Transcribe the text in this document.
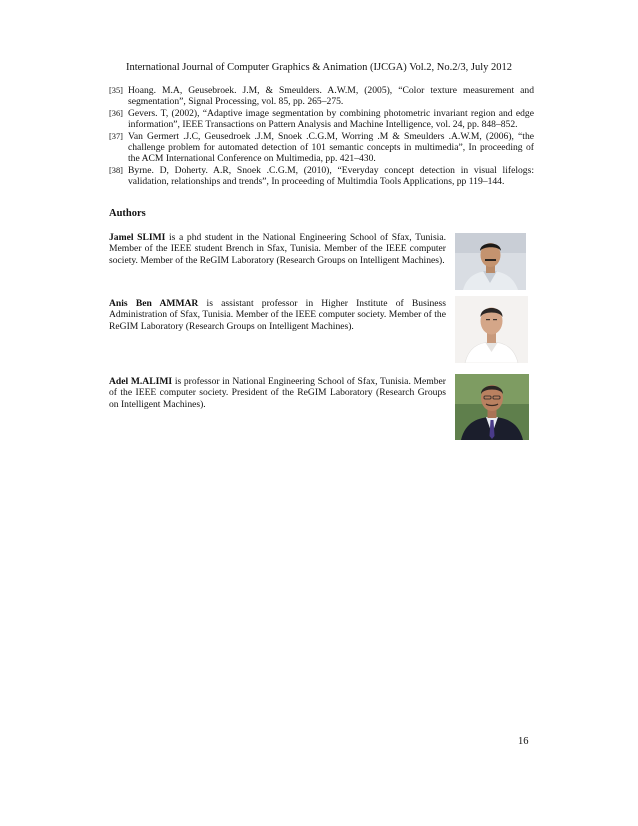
International Journal of Computer Graphics & Animation (IJCGA) Vol.2, No.2/3, July 2012
[35] Hoang. M.A, Geusebroek. J.M, & Smeulders. A.W.M, (2005), “Color texture measurement and segmentation”, Signal Processing, vol. 85, pp. 265–275.
[36] Gevers. T, (2002), “Adaptive image segmentation by combining photometric invariant region and edge information”, IEEE Transactions on Pattern Analysis and Machine Intelligence, vol. 24, pp. 848–852.
[37] Van Germert .J.C, Geusedroek .J.M, Snoek .C.G.M, Worring .M & Smeulders .A.W.M, (2006), “the challenge problem for automated detection of 101 semantic concepts in multimedia”, In proceeding of the ACM International Conference on Multimedia, pp. 421–430.
[38] Byrne. D, Doherty. A.R, Snoek .C.G.M, (2010), “Everyday concept detection in visual lifelogs: validation, relationships and trends”, In proceeding of Multimdia Tools Applications, pp 119–144.
Authors
Jamel SLIMI is a phd student in the National Engineering School of Sfax, Tunisia. Member of the IEEE student Brench in Sfax, Tunisia. Member of the IEEE computer society. Member of the ReGIM Laboratory (Research Groups on Intelligent Machines).
Anis Ben AMMAR is assistant professor in Higher Institute of Business Administration of Sfax, Tunisia. Member of the IEEE computer society. Member of the ReGIM Laboratory (Research Groups on Intelligent Machines).
Adel M.ALIMI is professor in National Engineering School of Sfax, Tunisia. Member of the IEEE computer society. President of the ReGIM Laboratory (Research Groups on Intelligent Machines).
16
